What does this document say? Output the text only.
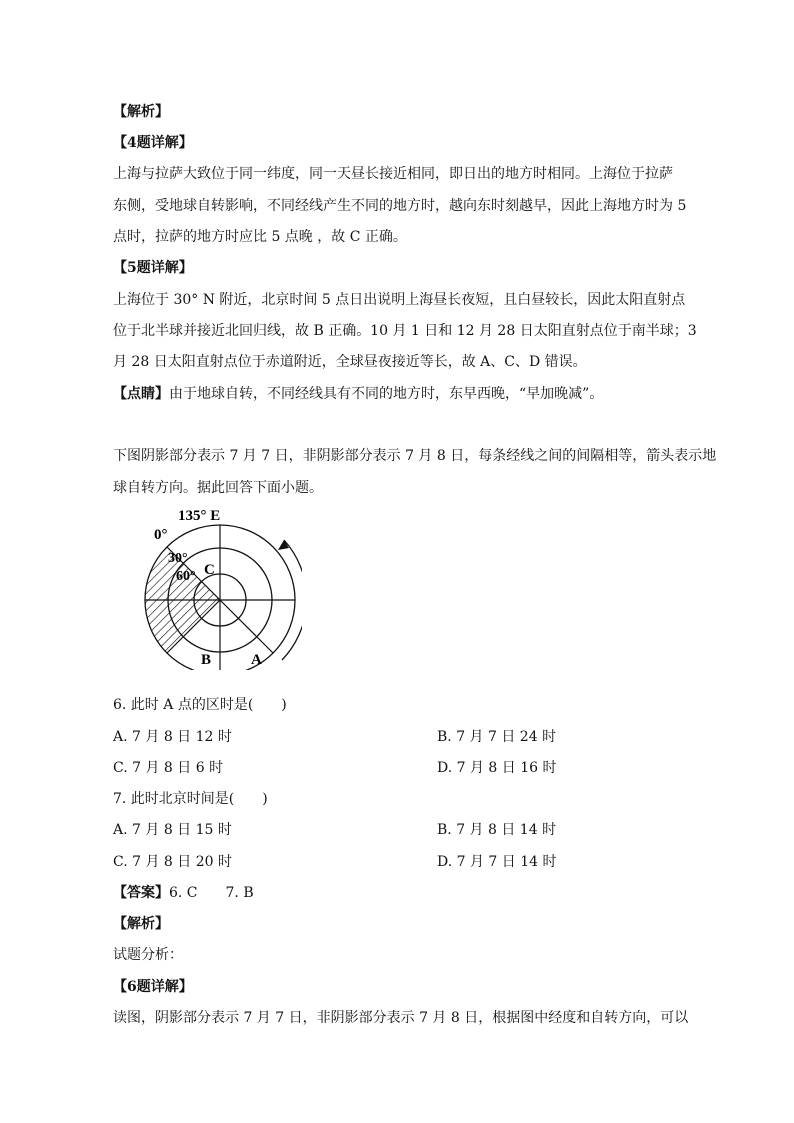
【解析】
【4题详解】
上海与拉萨大致位于同一纬度，同一天昼长接近相同，即日出的地方时相同。上海位于拉萨
东侧，受地球自转影响，不同经线产生不同的地方时，越向东时刻越早，因此上海地方时为 5
点时，拉萨的地方时应比 5 点晚 ，故 C 正确。
【5题详解】
上海位于 30° N 附近，北京时间 5 点日出说明上海昼长夜短，且白昼较长，因此太阳直射点
位于北半球并接近北回归线，故 B 正确。10 月 1 日和 12 月 28 日太阳直射点位于南半球；3
月 28 日太阳直射点位于赤道附近，全球昼夜接近等长，故 A、C、D 错误。
【点睛】由于地球自转，不同经线具有不同的地方时，东早西晚，“早加晚减”。
下图阴影部分表示 7 月 7 日，非阴影部分表示 7 月 8 日，每条经线之间的间隔相等，箭头表示地
球自转方向。据此回答下面小题。
135° E
0°
30°
60° C
B	A
6. 此时 A 点的区时是(　　)
A. 7 月 8 日 12 时	B. 7 月 7 日 24 时
C. 7 月 8 日 6 时	D. 7 月 8 日 16 时
7. 此时北京时间是(　　)
A. 7 月 8 日 15 时	B. 7 月 8 日 14 时
C. 7 月 8 日 20 时	D. 7 月 7 日 14 时
【答案】6. C　　7. B
【解析】
试题分析：
【6题详解】
读图，阴影部分表示 7 月 7 日，非阴影部分表示 7 月 8 日，根据图中经度和自转方向，可以
